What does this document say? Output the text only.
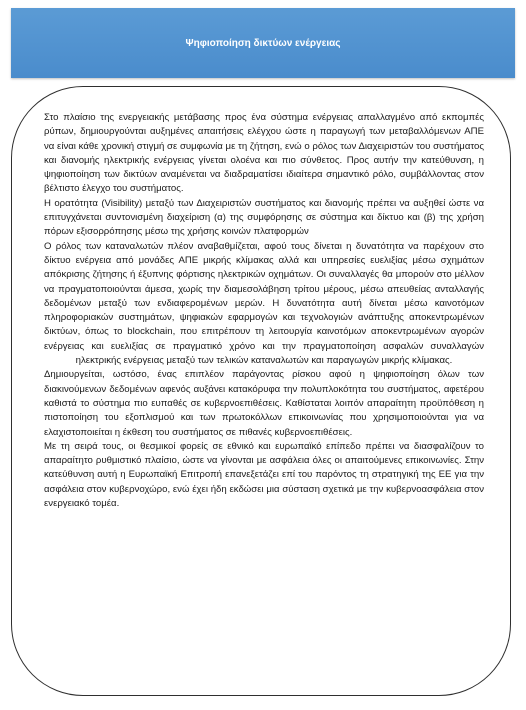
Ψηφιοποίηση δικτύων ενέργειας

Στο πλαίσιο της ενεργειακής μετάβασης προς ένα σύστημα ενέργειας απαλλαγμένο από εκπομπές ρύπων, δημιουργούνται αυξημένες απαιτήσεις ελέγχου ώστε η παραγωγή των μεταβαλλόμενων ΑΠΕ να είναι κάθε χρονική στιγμή σε συμφωνία με τη ζήτηση, ενώ ο ρόλος των Διαχειριστών του συστήματος και διανομής ηλεκτρικής ενέργειας γίνεται ολοένα και πιο σύνθετος. Προς αυτήν την κατεύθυνση, η ψηφιοποίηση των δικτύων αναμένεται να διαδραματίσει ιδιαίτερα σημαντικό ρόλο, συμβάλλοντας στον βέλτιστο έλεγχο του συστήματος.

Η ορατότητα (Visibility) μεταξύ των Διαχειριστών συστήματος και διανομής πρέπει να αυξηθεί ώστε να επιτυγχάνεται συντονισμένη διαχείριση (α) της συμφόρησης σε σύστημα και δίκτυο και (β) της χρήση πόρων εξισορρόπησης μέσω της χρήσης κοινών πλατφορμών

Ο ρόλος των καταναλωτών πλέον αναβαθμίζεται, αφού τους δίνεται η δυνατότητα να παρέχουν στο δίκτυο ενέργεια από μονάδες ΑΠΕ μικρής κλίμακας αλλά και υπηρεσίες ευελιξίας μέσω σχημάτων απόκρισης ζήτησης ή έξυπνης φόρτισης ηλεκτρικών οχημάτων. Οι συναλλαγές θα μπορούν στο μέλλον να πραγματοποιούνται άμεσα, χωρίς την διαμεσολάβηση τρίτου μέρους, μέσω απευθείας ανταλλαγής δεδομένων μεταξύ των ενδιαφερομένων μερών. Η δυνατότητα αυτή δίνεται μέσω καινοτόμων πληροφοριακών συστημάτων, ψηφιακών εφαρμογών και τεχνολογιών ανάπτυξης αποκεντρωμένων δικτύων, όπως το blockchain, που επιτρέπουν τη λειτουργία καινοτόμων αποκεντρωμένων αγορών ενέργειας και ευελιξίας σε πραγματικό χρόνο και την πραγματοποίηση ασφαλών συναλλαγών ηλεκτρικής ενέργειας μεταξύ των τελικών καταναλωτών και παραγωγών μικρής κλίμακας.

Δημιουργείται, ωστόσο, ένας επιπλέον παράγοντας ρίσκου αφού η ψηφιοποίηση όλων των διακινούμενων δεδομένων αφενός αυξάνει κατακόρυφα την πολυπλοκότητα του συστήματος, αφετέρου καθιστά το σύστημα πιο ευπαθές σε κυβερνοεπιθέσεις. Καθίσταται λοιπόν απαραίτητη προϋπόθεση η πιστοποίηση του εξοπλισμού και των πρωτοκόλλων επικοινωνίας που χρησιμοποιούνται για να ελαχιστοποιείται η έκθεση του συστήματος σε πιθανές κυβερνοεπιθέσεις.

Με τη σειρά τους, οι θεσμικοί φορείς σε εθνικό και ευρωπαϊκό επίπεδο πρέπει να διασφαλίζουν το απαραίτητο ρυθμιστικό πλαίσιο, ώστε να γίνονται με ασφάλεια όλες οι απαιτούμενες επικοινωνίες. Στην κατεύθυνση αυτή η Ευρωπαϊκή Επιτροπή επανεξετάζει επί του παρόντος τη στρατηγική της ΕΕ για την ασφάλεια στον κυβερνοχώρο, ενώ έχει ήδη εκδώσει μια σύσταση σχετικά με την κυβερνοασφάλεια στον ενεργειακό τομέα.
